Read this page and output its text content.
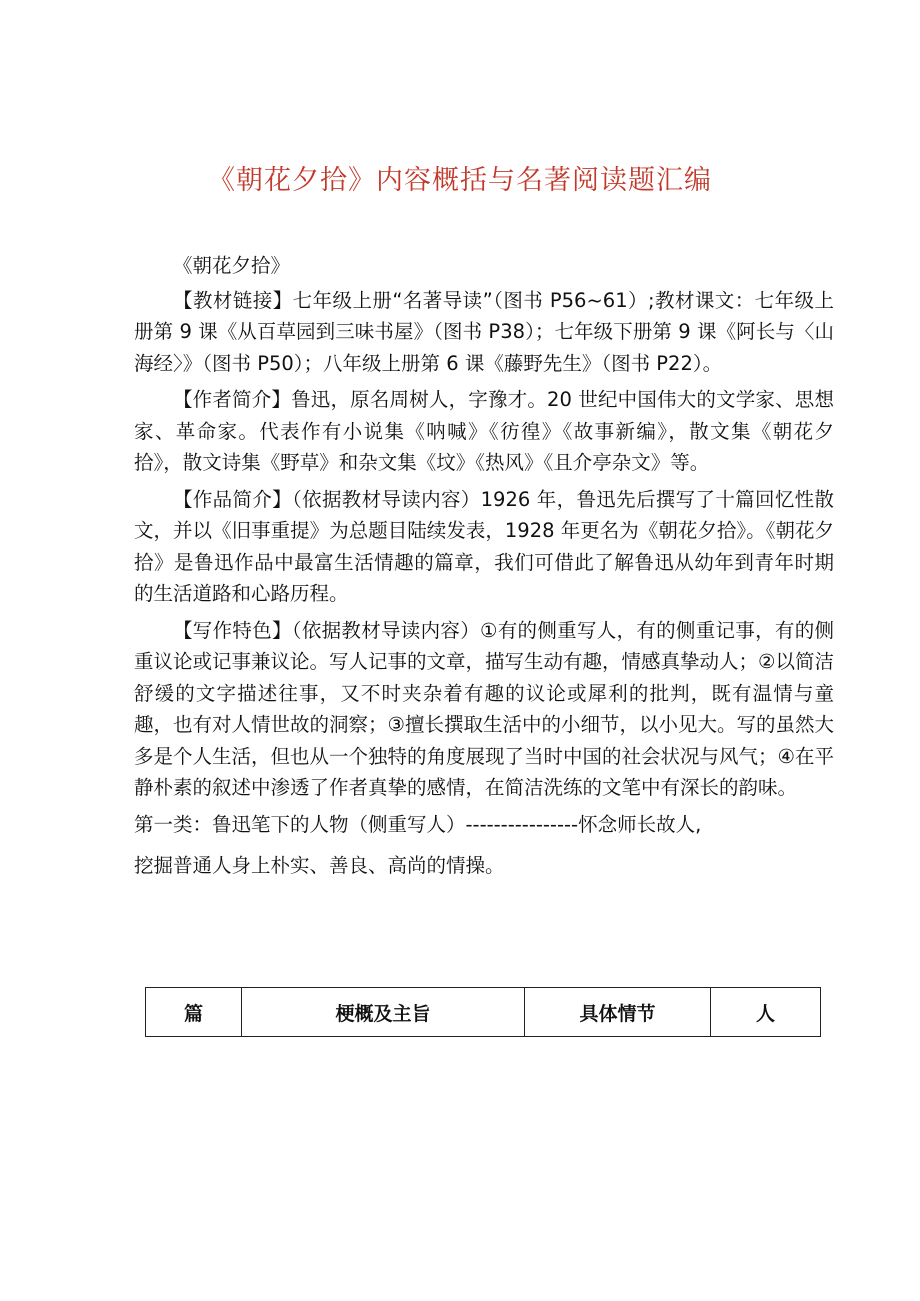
《朝花夕拾》内容概括与名著阅读题汇编

《朝花夕拾》

【教材链接】七年级上册“名著导读”（图书 P56~61）;教材课文：七年级上册第 9 课《从百草园到三味书屋》（图书 P38）；七年级下册第 9 课《阿长与〈山海经〉》（图书 P50）；八年级上册第 6 课《藤野先生》（图书 P22）。

【作者简介】鲁迅，原名周树人，字豫才。20 世纪中国伟大的文学家、思想家、革命家。代表作有小说集《呐喊》《彷徨》《故事新编》，散文集《朝花夕拾》，散文诗集《野草》和杂文集《坟》《热风》《且介亭杂文》等。

【作品简介】（依据教材导读内容）1926 年，鲁迅先后撰写了十篇回忆性散文，并以《旧事重提》为总题目陆续发表，1928 年更名为《朝花夕拾》。《朝花夕拾》是鲁迅作品中最富生活情趣的篇章，我们可借此了解鲁迅从幼年到青年时期的生活道路和心路历程。

【写作特色】（依据教材导读内容）①有的侧重写人，有的侧重记事，有的侧重议论或记事兼议论。写人记事的文章，描写生动有趣，情感真挚动人；②以简洁舒缓的文字描述往事，又不时夹杂着有趣的议论或犀利的批判，既有温情与童趣，也有对人情世故的洞察；③擅长撰取生活中的小细节，以小见大。写的虽然大多是个人生活，但也从一个独特的角度展现了当时中国的社会状况与风气；④在平静朴素的叙述中渗透了作者真挚的感情，在简洁洗练的文笔中有深长的韵味。

第一类：鲁迅笔下的人物（侧重写人）----------------怀念师长故人,

挖掘普通人身上朴实、善良、高尚的情操。

篇	梗概及主旨	具体情节	人
